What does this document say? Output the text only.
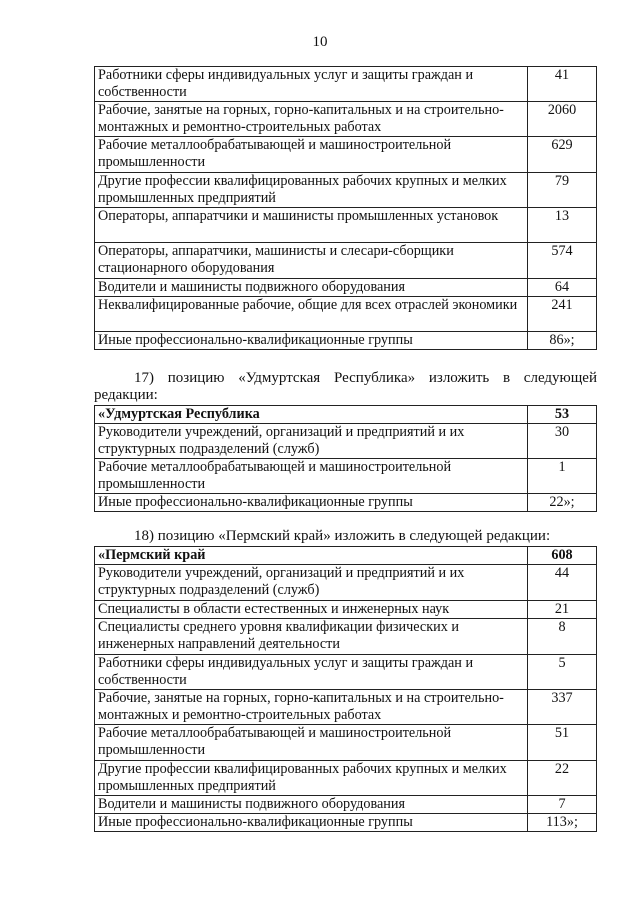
10
Работники сферы индивидуальных услуг и защиты граждан и собственности	41
Рабочие, занятые на горных, горно-капитальных и на строительно-монтажных и ремонтно-строительных работах	2060
Рабочие металлообрабатывающей и машиностроительной промышленности	629
Другие профессии квалифицированных рабочих крупных и мелких промышленных предприятий	79
Операторы, аппаратчики и машинисты промышленных установок	13
Операторы, аппаратчики, машинисты и слесари-сборщики стационарного оборудования	574
Водители и машинисты подвижного оборудования	64
Неквалифицированные рабочие, общие для всех отраслей экономики	241
Иные профессионально-квалификационные группы	86»;
17) позицию «Удмуртская Республика» изложить в следующей
редакции:
«Удмуртская Республика	53
Руководители учреждений, организаций и предприятий и их структурных подразделений (служб)	30
Рабочие металлообрабатывающей и машиностроительной промышленности	1
Иные профессионально-квалификационные группы	22»;
18) позицию «Пермский край» изложить в следующей редакции:
«Пермский край	608
Руководители учреждений, организаций и предприятий и их структурных подразделений (служб)	44
Специалисты в области естественных и инженерных наук	21
Специалисты среднего уровня квалификации физических и инженерных направлений деятельности	8
Работники сферы индивидуальных услуг и защиты граждан и собственности	5
Рабочие, занятые на горных, горно-капитальных и на строительно-монтажных и ремонтно-строительных работах	337
Рабочие металлообрабатывающей и машиностроительной промышленности	51
Другие профессии квалифицированных рабочих крупных и мелких промышленных предприятий	22
Водители и машинисты подвижного оборудования	7
Иные профессионально-квалификационные группы	113»;
